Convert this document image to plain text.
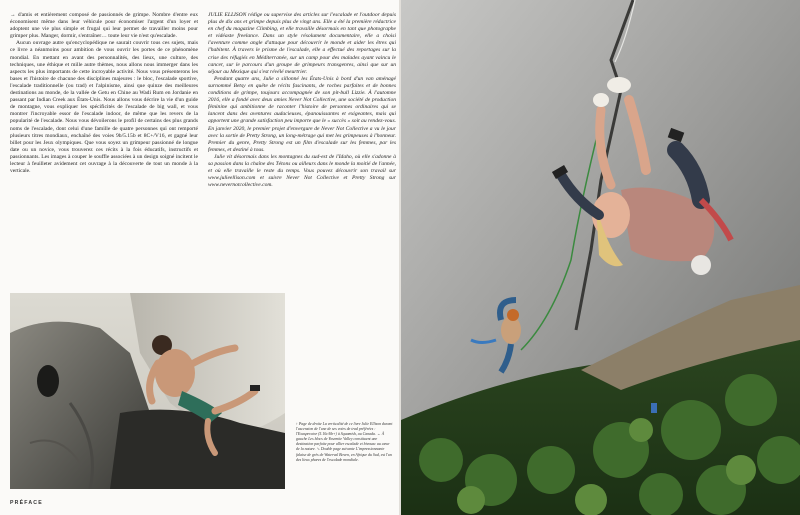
→ d'amis et entièrement composé de passionnés de grimpe. Nombre d'entre eux économisent même dans leur véhicule pour économiser l'argent d'un loyer et adoptent une vie plus simple et frugal qui leur permet de travailler moins pour grimper plus. Manger, dormir, s'entraîner… toute leur vie n'est qu'escalade.

Aucun ouvrage autre qu'encyclopédique ne saurait couvrir tous ces sujets, mais ce livre a néanmoins pour ambition de vous ouvrir les portes de ce phénomène mondial. En mettant en avant des personnalités, des lieux, une culture, des techniques, une éthique et mille autre thèmes, nous allons nous immerger dans les aspects les plus importants de cette incroyable activité. Nous vous présenterons les bases et l'histoire de chacune des disciplines majeures : le bloc, l'escalade sportive, l'escalade traditionnelle (ou trad) et l'alpinisme, ainsi que quinze des meilleures destinations au monde, de la vallée de Getu en Chine au Wadi Rum en Jordanie en passant par Indian Creek aux États-Unis. Nous allons vous décrire la vie d'un guide de montagne, vous expliquer les spécificités de l'escalade de big wall, et vous montrer l'incroyable essor de l'escalade indoor, de même que les revers de la popularité de l'escalade. Nous vous dévoilerons le profil de certains des plus grands noms de l'escalade, dont celui d'une famille de quatre personnes qui ont remporté plusieurs titres mondiaux, enchaîné des voies 9b/5.15b et 8C+/V16, et gagné leur billet pour les Jeux olympiques. Que vous soyez un grimpeur passionné de longue date ou un novice, vous trouverez ces récits à la fois éducatifs, instructifs et passionnants. Les images à couper le souffle associées à un design soigné incitent le lecteur à feuilleter avidement cet ouvrage à la découverte de tout un monde à la verticale.

JULIE ELLISON rédige ou supervise des articles sur l'escalade et l'outdoor depuis plus de dix ans et grimpe depuis plus de vingt ans. Elle a été la première rédactrice en chef du magazine Climbing, et elle travaille désormais en tant que photographe et vidéaste freelance. Dans un style résolument documentaire, elle a choisi l'aventure comme angle d'attaque pour découvrir le monde et aider les êtres qui l'habitent. À travers le prisme de l'escalade, elle a effectué des reportages sur la crise des réfugiés en Méditerranée, sur un camp pour des malades ayant vaincu le cancer, sur le parcours d'un groupe de grimpeurs transgenres, ainsi que sur un séjour au Mexique qui s'est révélé meurtrier.

Pendant quatre ans, Julie a sillonné les États-Unis à bord d'un van aménagé surnommé Betsy en quête de récits fascinants, de roches parfaites et de bonnes conditions de grimpe, toujours accompagnée de son pit-bull Lizzie. À l'automne 2016, elle a fondé avec deux amies Never Not Collective, une société de production féminine qui ambitionne de raconter l'histoire de personnes ordinaires qui se lancent dans des aventures audacieuses, épanouissantes et exigeantes, mais qui apportent une grande satisfaction peu importe que le « succès » soit au rendez-vous. En janvier 2020, le premier projet d'envergure de Never Not Collective a vu le jour avec la sortie de Pretty Strong, un long-métrage qui met les grimpeuses à l'honneur. Premier du genre, Pretty Strong est un film d'escalade sur les femmes, par les femmes, et destiné à tous.

Julie vit désormais dans les montagnes du sud-est de l'Idaho, où elle s'adonne à sa passion dans la chaîne des Tétons ou ailleurs dans le monde la moitié de l'année, et où elle travaille le reste du temps. Vous pouvez découvrir son travail sur www.julieellison.com et suivre Never Not Collective et Pretty Strong sur www.nevernotcollective.com.

↑ Page de droite La verticalité de ce livre Julie Ellison durant l'ascension de l'une de ses voies de trad préférées : l'Exasperator (5.10c/6b+) à Squamish, au Canada. ← À gauche Les blocs de Yosemite Valley constituent une destination parfaite pour allier escalade et bivouac au cœur de la nature. ↘ Double page suivante L'impressionnante falaise de grès de Waterval Boven, en Afrique du Sud, est l'un des lieux phares de l'escalade mondiale.
PRÉFACE
